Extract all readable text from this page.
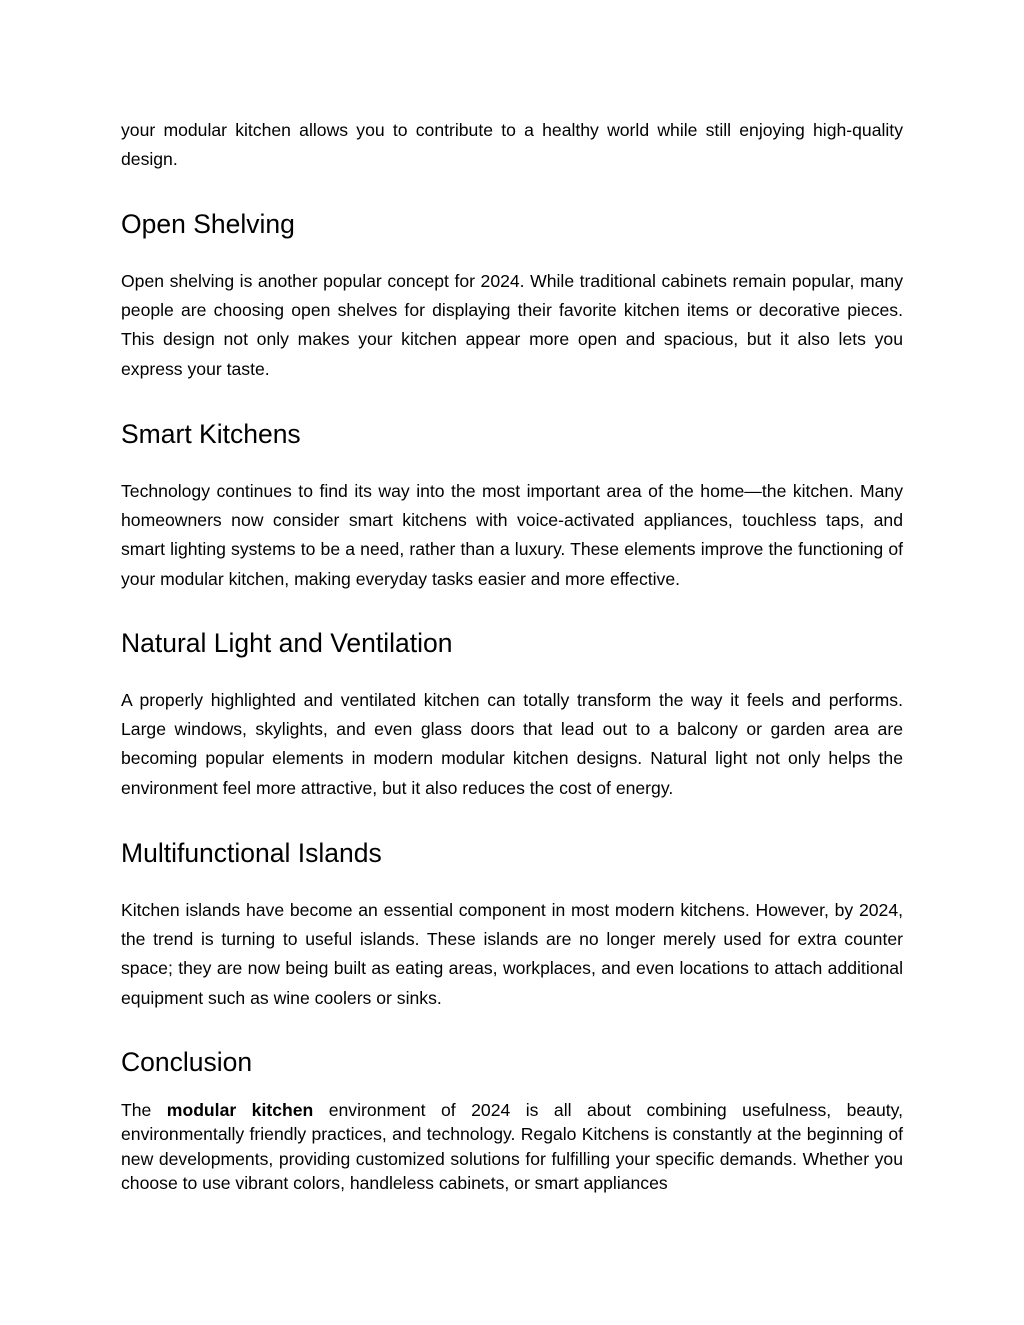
your modular kitchen allows you to contribute to a healthy world while still enjoying high-quality design.

Open Shelving

Open shelving is another popular concept for 2024. While traditional cabinets remain popular, many people are choosing open shelves for displaying their favorite kitchen items or decorative pieces. This design not only makes your kitchen appear more open and spacious, but it also lets you express your taste.

Smart Kitchens

Technology continues to find its way into the most important area of the home—the kitchen. Many homeowners now consider smart kitchens with voice-activated appliances, touchless taps, and smart lighting systems to be a need, rather than a luxury. These elements improve the functioning of your modular kitchen, making everyday tasks easier and more effective.

Natural Light and Ventilation

A properly highlighted and ventilated kitchen can totally transform the way it feels and performs. Large windows, skylights, and even glass doors that lead out to a balcony or garden area are becoming popular elements in modern modular kitchen designs. Natural light not only helps the environment feel more attractive, but it also reduces the cost of energy.

Multifunctional Islands

Kitchen islands have become an essential component in most modern kitchens. However, by 2024, the trend is turning to useful islands. These islands are no longer merely used for extra counter space; they are now being built as eating areas, workplaces, and even locations to attach additional equipment such as wine coolers or sinks.

Conclusion

The modular kitchen environment of 2024 is all about combining usefulness, beauty, environmentally friendly practices, and technology. Regalo Kitchens is constantly at the beginning of new developments, providing customized solutions for fulfilling your specific demands. Whether you choose to use vibrant colors, handleless cabinets, or smart appliances
